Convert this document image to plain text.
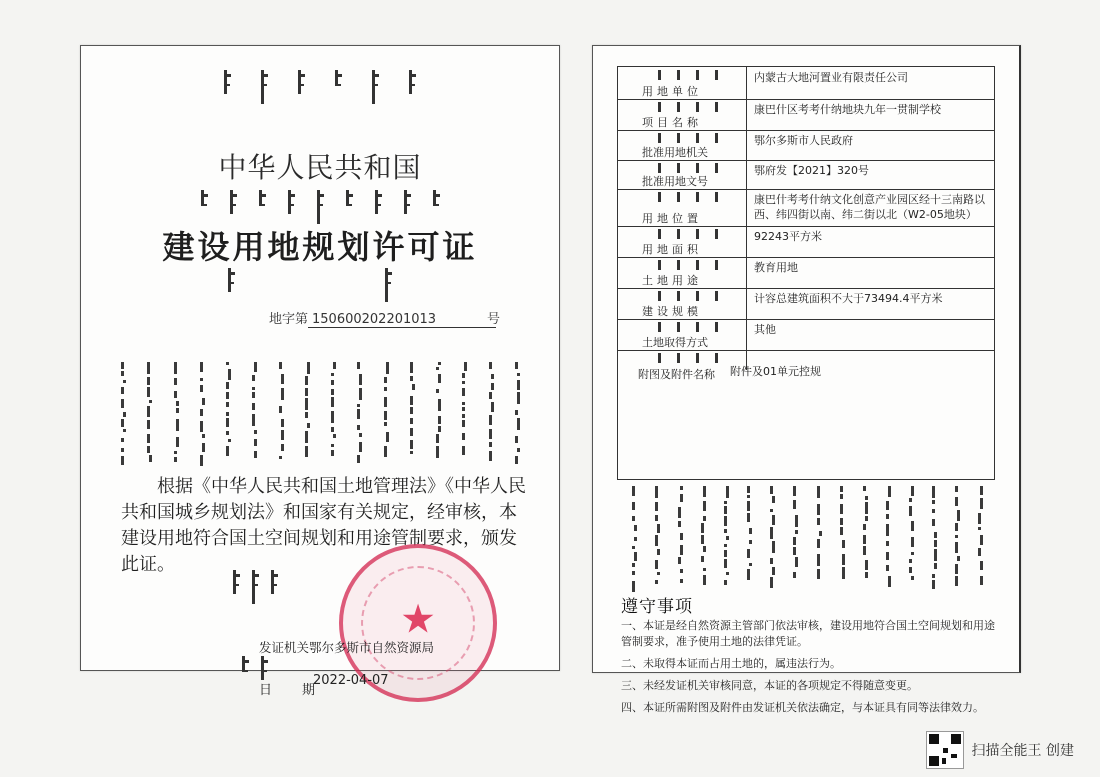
中华人民共和国
建设用地规划许可证
地字第 150600202201013	号
根据《中华人民共和国土地管理法》《中华人民共和国城乡规划法》和国家有关规定，经审核，本建设用地符合国土空间规划和用途管制要求，颁发此证。
★
发证机关鄂尔多斯市自然资源局
日期
2022-04-07
用地单位
内蒙古大地河置业有限责任公司
项目名称
康巴什区考考什纳地块九年一贯制学校
批准用地机关
鄂尔多斯市人民政府
批准用地文号
鄂府发【2021】320号
用地位置
康巴什考考什纳文化创意产业园区经十三南路以西、纬四街以南、纬二街以北（W2-05地块）
用地面积
92243平方米
土地用途
教育用地
建设规模
计容总建筑面积不大于73494.4平方米
土地取得方式
其他
附图及附件名称	附件及01单元控规
遵守事项

一、本证是经自然资源主管部门依法审核，建设用地符合国土空间规划和用途管制要求，准予使用土地的法律凭证。

二、未取得本证而占用土地的，属违法行为。

三、未经发证机关审核同意，本证的各项规定不得随意变更。

四、本证所需附图及附件由发证机关依法确定，与本证具有同等法律效力。

扫描全能王 创建
